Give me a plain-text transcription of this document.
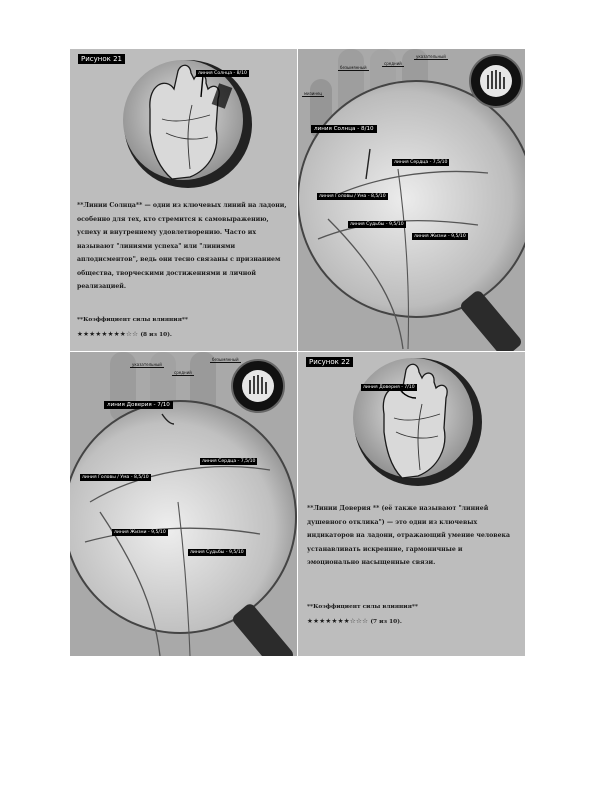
Рисунок 21
линия Солнца - 8/10
**Линии Солнца** — одни из ключевых линий на ладони,
особенно для тех, кто стремится к самовыражению,
успеху и внутреннему удовлетворению. Часто их
называют "линиями успеха" или "линиями
аплодисментов", ведь они тесно связаны с признанием
общества, творческими достижениями и личной
реализацией.
**Коэффициент силы влияния**
★★★★★★★★☆☆ (8 из 10).
безымянный
средний
указательный
мизинец
линия Солнца - 8/10
линия Сердца - 7,5/10
линия Головы / Ума - 8,5/10
линия Судьбы - 9,5/10
линия Жизни - 9,5/10
указательный
средний
безымянный
линия Доверия - 7/10
линия Сердца - 7,5/10
линия Головы / Ума - 8,5/10
линия Жизни - 9,5/10
линия Судьбы - 9,5/10
Рисунок 22
линия Доверия - 7/10
**Линии Доверия ** (её также называют "линией
душевного отклика") — это одни из ключевых
индикаторов на ладони, отражающий умение человека
устанавливать искренние, гармоничные и
эмоционально насыщенные связи.
**Коэффициент силы влияния**
★★★★★★★☆☆☆ (7 из 10).
